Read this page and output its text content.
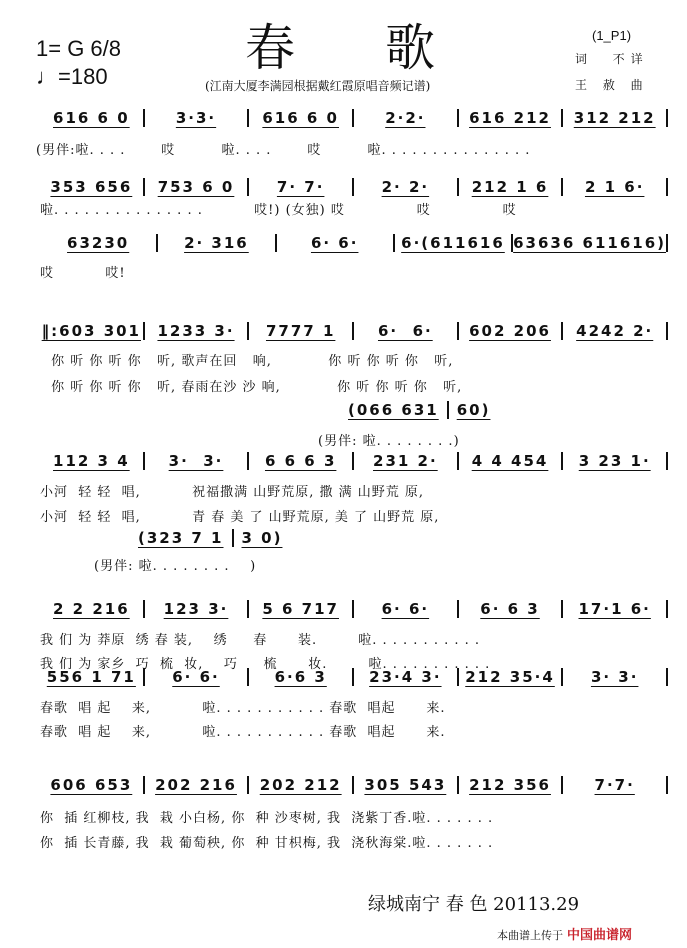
春歌
1= G 6/8
♩=180	(江南大厦李满园根据戴红霞原唱音频记谱)
(1_P1)
词  不详
王 赦 曲
616 6 0	3·3·	616 6 0	2·2·	616 212	312 212
353 656	753 6 0	7· 7·	2· 2·	212 1 6	2 1 6·
63230	2· 316	6· 6·	6·(611616 63636 611616)
‖:603 301	1233 3·	7777 1	6·  6·	602 206	4242 2·
112 3 4	3·  3·	6 6 6 3	231 2·	4 4 454	3 23 1·
2 2 216	123 3·	5 6 717	6· 6·	6· 6 3	17·1 6·
556 1 71	6· 6·	6·6 3	23·4 3·	212 35·4	3· 3·
606 653	202 216	202 212	305 543	212 356	7·7·
(066 631	60)
(323 7 1	3 0)
(男伴:啦. . . .       哎         啦. . . .       哎         啦. . . . . . . . . . . . . . .
啦. . . . . . . . . . . . . . .          哎!) (女独) 哎              哎              哎
哎          哎!
你 听 你 听 你   听, 歌声在回   响,           你 听 你 听 你   听,
你 听 你 听 你   听, 春雨在沙 沙 响,           你 听 你 听 你   听,
(男伴: 啦. . . . . . . .)
小河  轻 轻  唱,          祝福撒满 山野荒原, 撒 满 山野荒 原,
小河  轻 轻  唱,          青 春 美 了 山野荒原, 美 了 山野荒 原,
(男伴: 啦. . . . . . . .    )
我 们 为 莽原  绣 春 装,    绣     春      装.        啦. . . . . . . . . . .
我 们 为 家乡  巧  梳  妆,    巧     梳      妆.        啦. . . . . . . . . . .
春歌  唱 起    来,          啦. . . . . . . . . . . 春歌  唱起      来.
春歌  唱 起    来,          啦. . . . . . . . . . . 春歌  唱起      来.
你  插 红柳枝, 我  栽 小白杨, 你  种 沙枣树, 我  浇紫丁香.啦. . . . . . .
你  插 长青藤, 我  栽 葡萄秧, 你  种 甘枳梅, 我  浇秋海棠.啦. . . . . . .
绿城南宁 春 色 20113.29
本曲谱上传于 中国曲谱网
